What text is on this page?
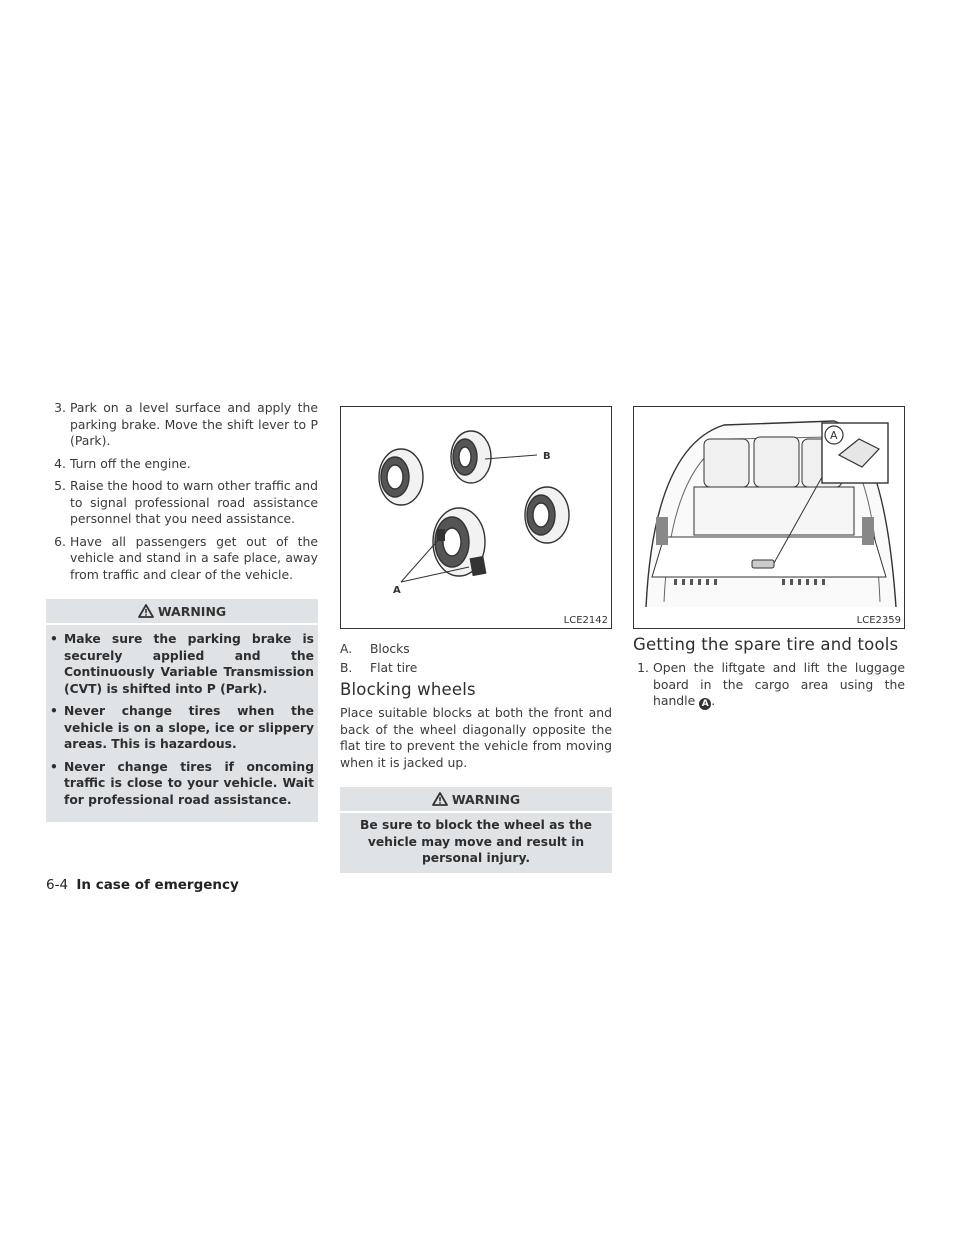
3. Park on a level surface and apply the parking brake. Move the shift lever to P (Park).
4. Turn off the engine.
5. Raise the hood to warn other traffic and to signal professional road assistance personnel that you need assistance.
6. Have all passengers get out of the vehicle and stand in a safe place, away from traffic and clear of the vehicle.
WARNING
• Make sure the parking brake is securely applied and the Continuously Variable Transmission (CVT) is shifted into P (Park).
• Never change tires when the vehicle is on a slope, ice or slippery areas. This is hazardous.
• Never change tires if oncoming traffic is close to your vehicle. Wait for professional road assistance.
B
A
LCE2142
A. Blocks
B. Flat tire
Blocking wheels

Place suitable blocks at both the front and back of the wheel diagonally opposite the flat tire to prevent the vehicle from moving when it is jacked up.

WARNING
Be sure to block the wheel as the vehicle may move and result in personal injury.
A
LCE2359
Getting the spare tire and tools
1. Open the liftgate and lift the luggage board in the cargo area using the handle A .
6-4 In case of emergency
